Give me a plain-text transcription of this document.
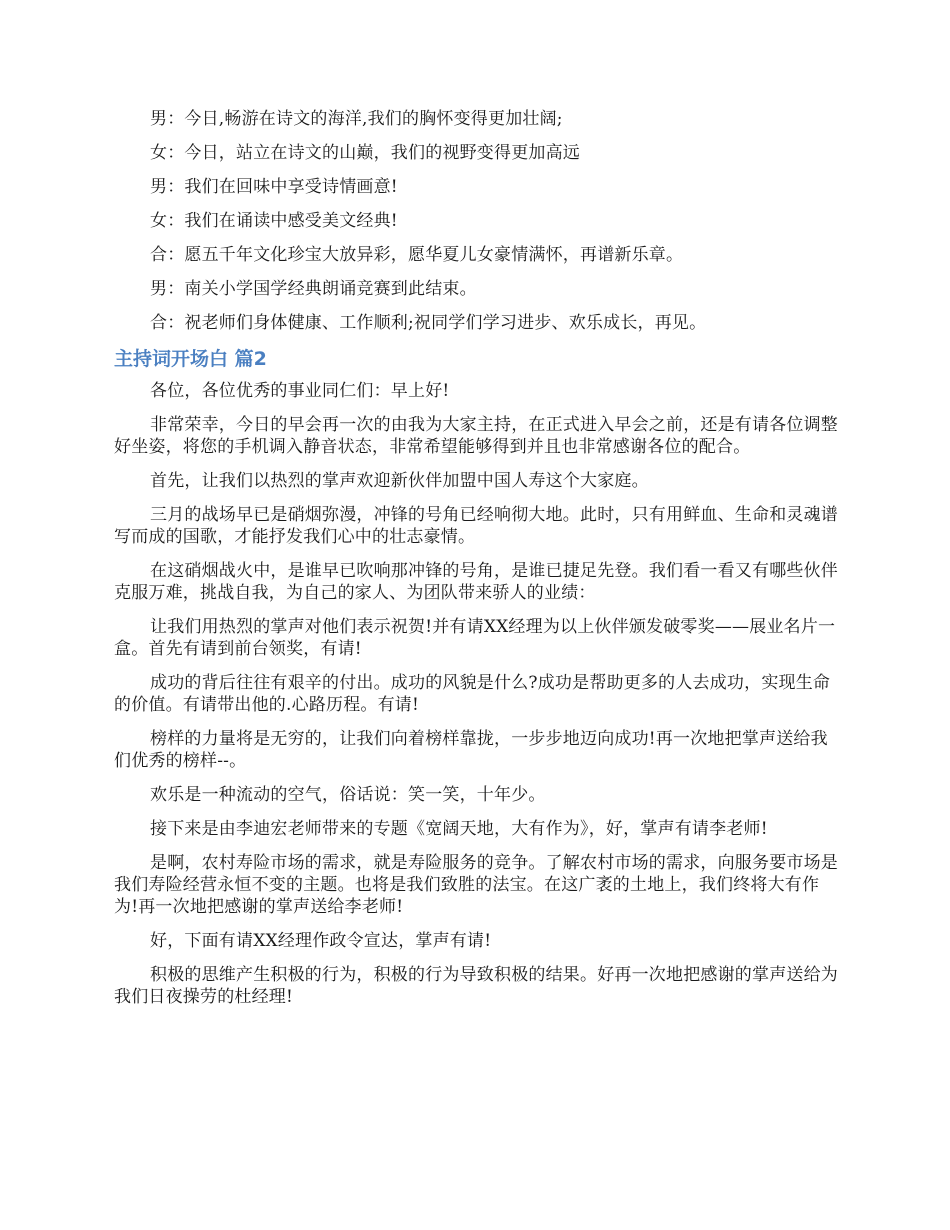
男：今日,畅游在诗文的海洋,我们的胸怀变得更加壮阔;

女：今日，站立在诗文的山巅，我们的视野变得更加高远

男：我们在回味中享受诗情画意!

女：我们在诵读中感受美文经典!

合：愿五千年文化珍宝大放异彩，愿华夏儿女豪情满怀，再谱新乐章。

男：南关小学国学经典朗诵竞赛到此结束。

合：祝老师们身体健康、工作顺利;祝同学们学习进步、欢乐成长，再见。

主持词开场白 篇2

各位，各位优秀的事业同仁们：早上好!

非常荣幸，今日的早会再一次的由我为大家主持，在正式进入早会之前，还是有请各位调整好坐姿，将您的手机调入静音状态，非常希望能够得到并且也非常感谢各位的配合。

首先，让我们以热烈的掌声欢迎新伙伴加盟中国人寿这个大家庭。

三月的战场早已是硝烟弥漫，冲锋的号角已经响彻大地。此时，只有用鲜血、生命和灵魂谱写而成的国歌，才能抒发我们心中的壮志豪情。

在这硝烟战火中，是谁早已吹响那冲锋的号角，是谁已捷足先登。我们看一看又有哪些伙伴克服万难，挑战自我，为自己的家人、为团队带来骄人的业绩：

让我们用热烈的掌声对他们表示祝贺!并有请XX经理为以上伙伴颁发破零奖——展业名片一盒。首先有请到前台领奖，有请!

成功的背后往往有艰辛的付出。成功的风貌是什么?成功是帮助更多的人去成功，实现生命的价值。有请带出他的.心路历程。有请!

榜样的力量将是无穷的，让我们向着榜样靠拢，一步步地迈向成功!再一次地把掌声送给我们优秀的榜样--。

欢乐是一种流动的空气，俗话说：笑一笑，十年少。

接下来是由李迪宏老师带来的专题《宽阔天地，大有作为》，好，掌声有请李老师!

是啊，农村寿险市场的需求，就是寿险服务的竞争。了解农村市场的需求，向服务要市场是我们寿险经营永恒不变的主题。也将是我们致胜的法宝。在这广袤的土地上，我们终将大有作为!再一次地把感谢的掌声送给李老师!

好，下面有请XX经理作政令宣达，掌声有请!

积极的思维产生积极的行为，积极的行为导致积极的结果。好再一次地把感谢的掌声送给为我们日夜操劳的杜经理!
